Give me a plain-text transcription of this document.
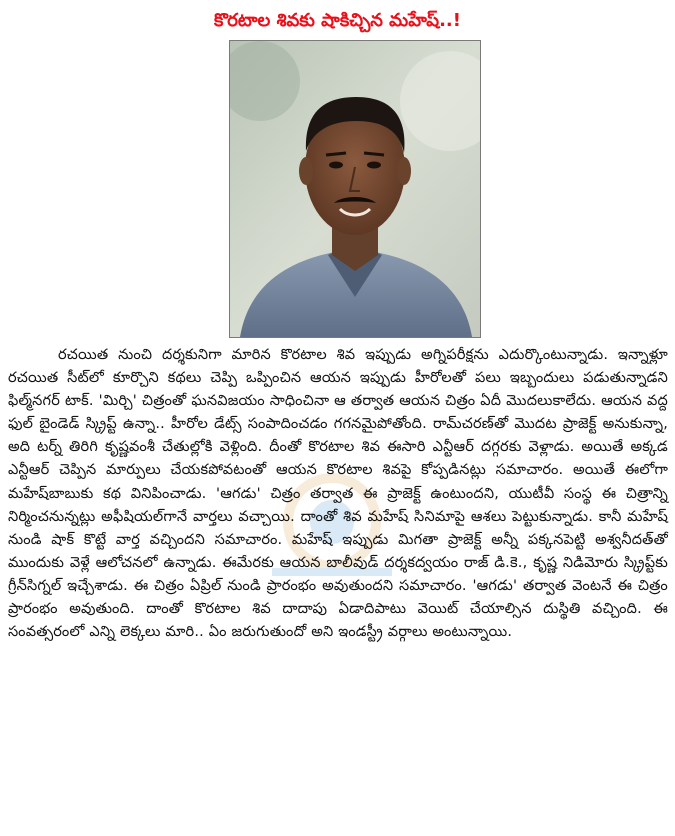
కొరటాల శివకు షాకిచ్చిన మహేష్..!

రచయిత నుంచి దర్శకునిగా మారిన కొరటాల శివ ఇప్పుడు అగ్నిపరీక్షను ఎదుర్కొంటున్నాడు. ఇన్నాళ్లూ రచయిత సీట్‌లో కూర్చొని కథలు చెప్పి ఒప్పించిన ఆయన ఇప్పుడు హీరోలతో పలు ఇబ్బందులు పడుతున్నాడని ఫిల్మ్‌నగర్ టాక్. 'మిర్చి' చిత్రంతో ఘనవిజయం సాధించినా ఆ తర్వాత ఆయన చిత్రం ఏదీ మొదలుకాలేదు. ఆయన వద్ద ఫుల్ బైండెడ్ స్క్రిప్ట్ ఉన్నా.. హీరోల డేట్స్ సంపాదించడం గగనమైపోతోంది. రామ్‌చరణ్‌తో మొదట ప్రాజెక్ట్ అనుకున్నా, అది టర్న్ తిరిగి కృష్ణవంశీ చేతుల్లోకి వెళ్లింది. దీంతో కొరటాల శివ ఈసారి ఎన్టీఆర్ దగ్గరకు వెళ్లాడు. అయితే అక్కడ ఎన్టీఆర్ చెప్పిన మార్పులు చేయకపోవటంతో ఆయన కొరటాల శివపై కోప్పడినట్లు సమాచారం. అయితే ఈలోగా మహేష్‌బాబుకు కథ వినిపించాడు. 'ఆగడు' చిత్రం తర్వాత ఈ ప్రాజెక్ట్ ఉంటుందని, యుటీవీ సంస్థ ఈ చిత్రాన్ని నిర్మించనున్నట్లు అఫీషియల్‌గానే వార్తలు వచ్చాయి. దాంతో శివ మహేష్ సినిమాపై ఆశలు పెట్టుకున్నాడు. కానీ మహేష్ నుండి షాక్ కొట్టే వార్త వచ్చిందని సమాచారం. మహేష్ ఇప్పుడు మిగతా ప్రాజెక్ట్ అన్నీ పక్కనపెట్టి అశ్వనీదత్‌తో ముందుకు వెళ్లే ఆలోచనలో ఉన్నాడు. ఈమేరకు ఆయన బాలీవుడ్ దర్శకద్వయం రాజ్ డి.కె., కృష్ణ నిడిమోరు స్క్రిప్ట్‌కు గ్రీన్‌సిగ్నల్ ఇచ్చేశాడు. ఈ చిత్రం ఏప్రిల్ నుండి ప్రారంభం అవుతుందని సమాచారం. 'ఆగడు' తర్వాత వెంటనే ఈ చిత్రం ప్రారంభం అవుతుంది. దాంతో కొరటాల శివ దాదాపు ఏడాదిపాటు వెయిట్ చేయాల్సిన దుస్థితి వచ్చింది. ఈ సంవత్సరంలో ఎన్ని లెక్కలు మారి.. ఏం జరుగుతుందో అని ఇండస్ట్రీ వర్గాలు అంటున్నాయి.
